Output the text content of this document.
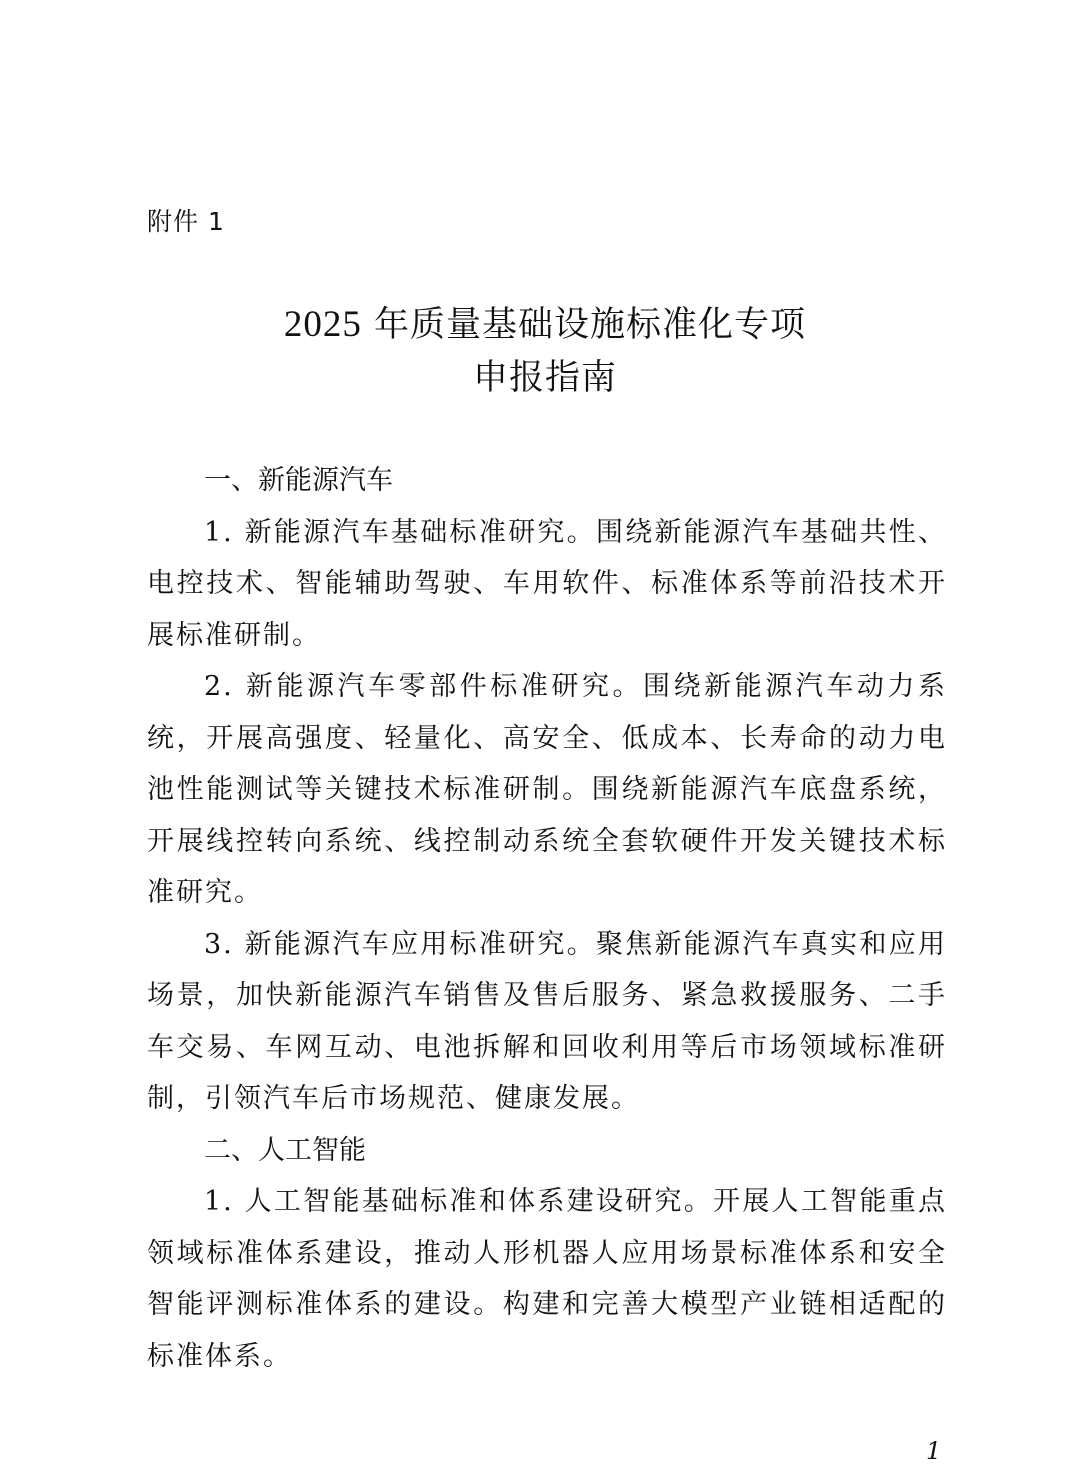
附件 1
2025 年质量基础设施标准化专项
申报指南

一、新能源汽车

1. 新能源汽车基础标准研究。围绕新能源汽车基础共性、电控技术、智能辅助驾驶、车用软件、标准体系等前沿技术开展标准研制。

2. 新能源汽车零部件标准研究。围绕新能源汽车动力系统，开展高强度、轻量化、高安全、低成本、长寿命的动力电池性能测试等关键技术标准研制。围绕新能源汽车底盘系统，开展线控转向系统、线控制动系统全套软硬件开发关键技术标准研究。

3. 新能源汽车应用标准研究。聚焦新能源汽车真实和应用场景，加快新能源汽车销售及售后服务、紧急救援服务、二手车交易、车网互动、电池拆解和回收利用等后市场领域标准研制，引领汽车后市场规范、健康发展。

二、人工智能

1. 人工智能基础标准和体系建设研究。开展人工智能重点领域标准体系建设，推动人形机器人应用场景标准体系和安全智能评测标准体系的建设。构建和完善大模型产业链相适配的标准体系。

1
